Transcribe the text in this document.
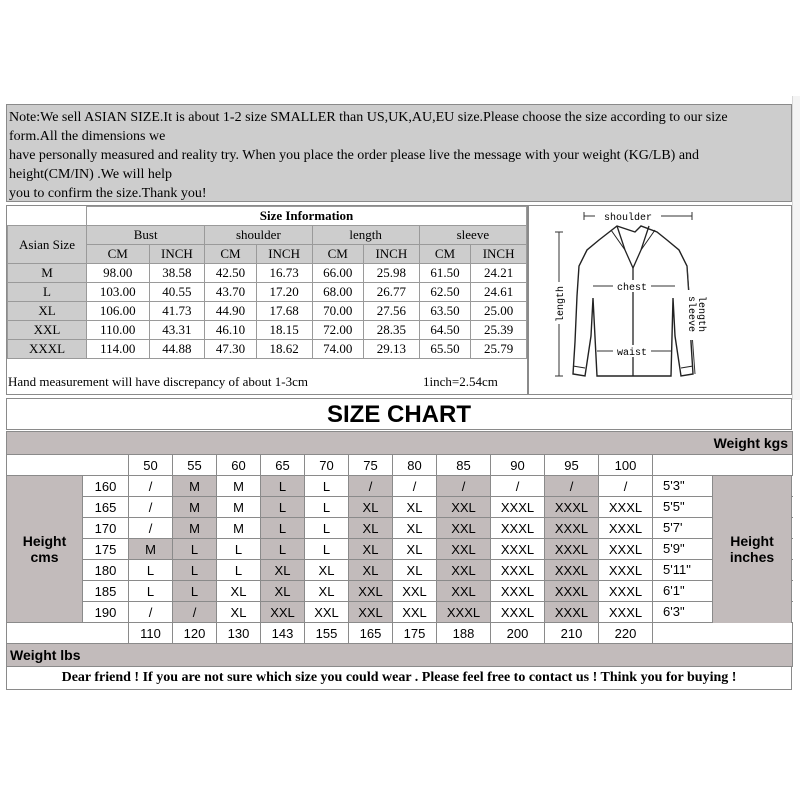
Note:We sell ASIAN SIZE.It is about 1-2 size SMALLER than US,UK,AU,EU size.Please choose the size according to our size
form.All the dimensions we
have personally measured and reality try. When you place the order please live the message with your weight (KG/LB) and
height(CM/IN) .We will help
you to confirm the size.Thank you!
	Size Information							
Asian Size	Bust		shoulder		length		sleeve	
	CM	INCH	CM	INCH	CM	INCH	CM	INCH
M	98.00	38.58	42.50	16.73	66.00	25.98	61.50	24.21
L	103.00	40.55	43.70	17.20	68.00	26.77	62.50	24.61
XL	106.00	41.73	44.90	17.68	70.00	27.56	63.50	25.00
XXL	110.00	43.31	46.10	18.15	72.00	28.35	64.50	25.39
XXXL	114.00	44.88	47.30	18.62	74.00	29.13	65.50	25.79
Hand measurement will have discrepancy of about 1-3cm	1inch=2.54cm
shoulder
chest
waist
length	sleeve length
SIZE CHART
Weight kgs													
		50	55	60	65	70	75	80	85	90	95	100	

Height
cms	160	/	M	M	L	L	/	/	/	/	/	/	5'3"

	165	/	M	M	L	L	XL	XL	XXL	XXXL	XXXL	XXXL	5'5"

	170	/	M	M	L	L	XL	XL	XXL	XXXL	XXXL	XXXL	5'7'

	175	M	L	L	L	L	XL	XL	XXL	XXXL	XXXL	XXXL	5'9"

	180	L	L	L	XL	XL	XL	XL	XXL	XXXL	XXXL	XXXL	5'11"

	185	L	L	XL	XL	XL	XXL	XXL	XXL	XXXL	XXXL	XXXL	6'1"

	190	/	/	XL	XXL	XXL	XXL	XXL	XXXL	XXXL	XXXL	XXXL	6'3"

		110	120	130	143	155	165	175	188	200	210	220	
Weight lbs													
Height
inches
Dear friend ! If you are not sure which size you could wear . Please feel free to contact us ! Think you for buying !
